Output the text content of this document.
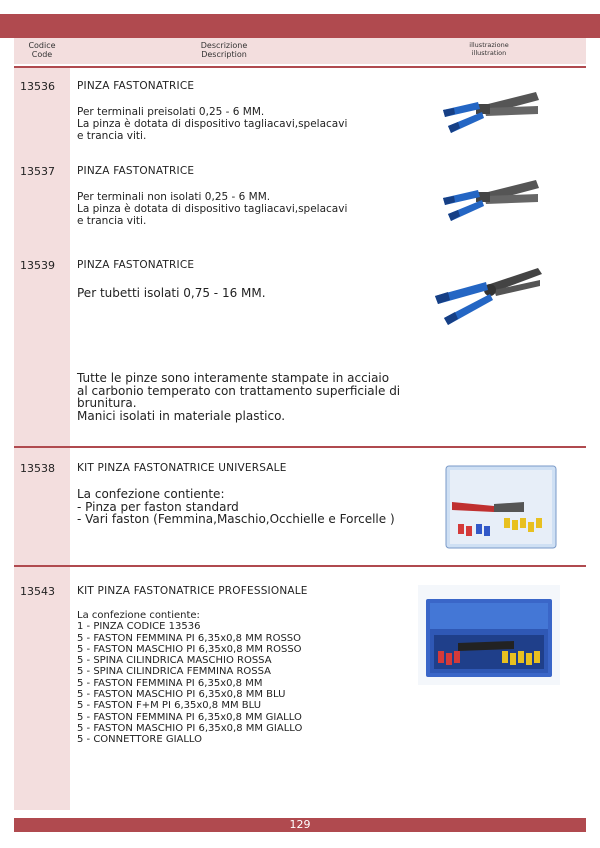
Codice
Code
Descrizione
Description
illustrazione
illustration
13536 PINZA FASTONATRICE
Per terminali preisolati 0,25 - 6 MM.
La pinza è dotata di dispositivo tagliacavi,spelacavi
e trancia viti.
13537 PINZA FASTONATRICE
Per terminali non isolati 0,25 - 6 MM.
La pinza è dotata di dispositivo tagliacavi,spelacavi
e trancia viti.
13539 PINZA FASTONATRICE
Per tubetti isolati 0,75 - 16 MM.
Tutte le pinze sono interamente stampate in acciaio
al carbonio temperato con trattamento superficiale di
brunitura.
Manici isolati in materiale plastico.
13538 KIT PINZA FASTONATRICE UNIVERSALE
La confezione contiente:
- Pinza per faston standard
- Vari faston (Femmina,Maschio,Occhielle e Forcelle )
13543 KIT PINZA FASTONATRICE PROFESSIONALE
La confezione contiente:
1 - PINZA CODICE 13536
5 - FASTON FEMMINA PI 6,35x0,8 MM ROSSO
5 - FASTON MASCHIO PI 6,35x0,8 MM ROSSO
5 - SPINA CILINDRICA MASCHIO ROSSA
5 - SPINA CILINDRICA FEMMINA ROSSA
5 - FASTON FEMMINA PI 6,35x0,8 MM
5 - FASTON MASCHIO PI 6,35x0,8 MM BLU
5 - FASTON F+M PI 6,35x0,8 MM BLU
5 - FASTON FEMMINA PI 6,35x0,8 MM GIALLO
5 - FASTON MASCHIO PI 6,35x0,8 MM GIALLO
5 - CONNETTORE GIALLO
129
